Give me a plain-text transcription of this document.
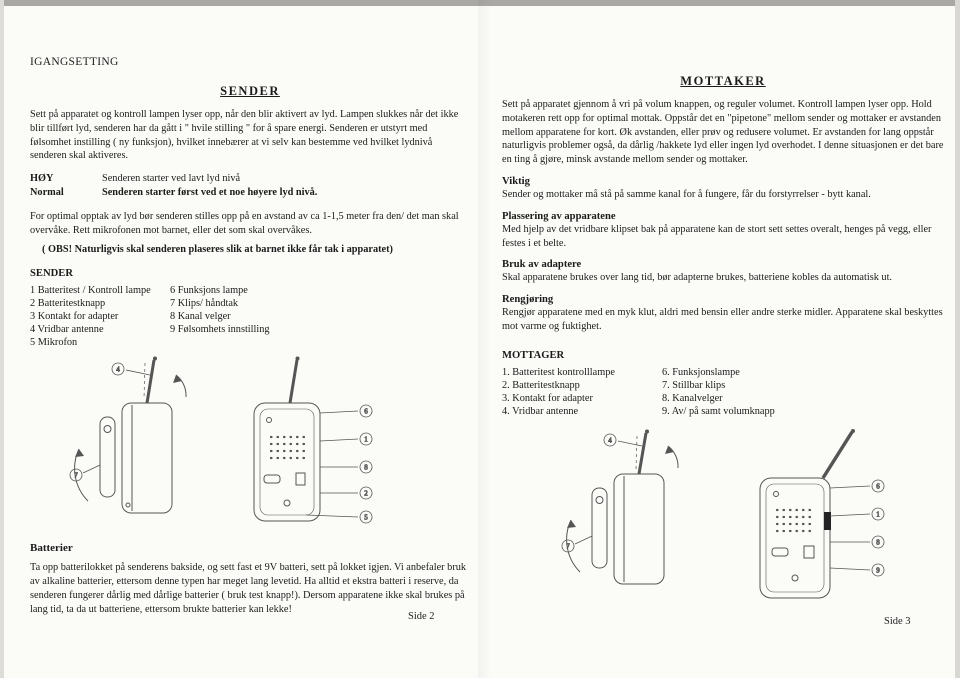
IGANGSETTING
SENDER

Sett på apparatet og kontroll lampen lyser opp, når den blir aktivert av lyd. Lampen slukkes når det ikke blir tillført lyd, senderen har da gått i " hvile stilling " for å spare energi. Senderen er utstyrt med følsomhet instilling ( ny funksjon), hvilket innebærer at vi selv kan bestemme ved hvilket lydnivå senderen skal aktiveres.

HØY	Senderen starter ved lavt lyd nivå
Normal	Senderen starter først ved et noe høyere lyd nivå.

For optimal opptak av lyd bør senderen stilles opp på en avstand av ca 1-1,5 meter fra den/ det man skal overvåke. Rett mikrofonen mot barnet, eller det som skal overvåkes.

( OBS! Naturligvis skal senderen plaseres slik at barnet ikke får tak i apparatet)

SENDER
1 Batteritest / Kontroll lampe
2 Batteritestknapp
3 Kontakt for adapter
4 Vridbar antenne
5 Mikrofon
6 Funksjons lampe
7 Klips/ håndtak
8 Kanal velger
9 Følsomhets innstilling
4
7
6
1
8
2
5
Batterier

Ta opp batterilokket på senderens bakside, og sett fast et 9V batteri, sett på lokket igjen. Vi anbefaler bruk av alkaline batterier, ettersom denne typen har meget lang levetid. Ha alltid et ekstra batteri i reserve, da senderen fungerer dårlig med dårlige batterier ( bruk test knapp!). Dersom apparatene ikke skal brukes på lang tid, ta da ut batteriene, ettersom brukte batterier kan lekke!

MOTTAKER

Sett på apparatet gjennom å vri på volum knappen, og reguler volumet. Kontroll lampen lyser opp. Hold motakeren rett opp for optimal mottak. Oppstår det en "pipetone" mellom sender og mottaker er avstanden mellom apparatene for kort. Øk avstanden, eller prøv og redusere volumet. Er avstanden for lang oppstår naturligvis problemer også, da dårlig /hakkete lyd eller ingen lyd overhodet. I denne situasjonen er det bare en ting å gjøre, minsk avstande mellom sender og mottaker.

Viktig

Sender og mottaker må stå på samme kanal for å fungere, får du forstyrrelser - bytt kanal.

Plassering av apparatene

Med hjelp av det vridbare klipset bak på apparatene kan de stort sett settes overalt, henges på vegg, eller festes i et belte.

Bruk av adaptere

Skal apparatene brukes over lang tid, bør adapterne brukes, batteriene kobles da automatisk ut.

Rengjøring

Rengjør apparatene med en myk klut, aldri med bensin eller andre sterke midler. Apparatene skal beskyttes mot varme og fuktighet.

MOTTAGER
1. Batteritest kontrolllampe
2. Batteritestknapp
3. Kontakt for adapter
4. Vridbar antenne
6. Funksjonslampe
7. Stillbar klips
8. Kanalvelger
9. Av/ på samt volumknapp
4
7
6
1
8
9
Side 2	Side 3
